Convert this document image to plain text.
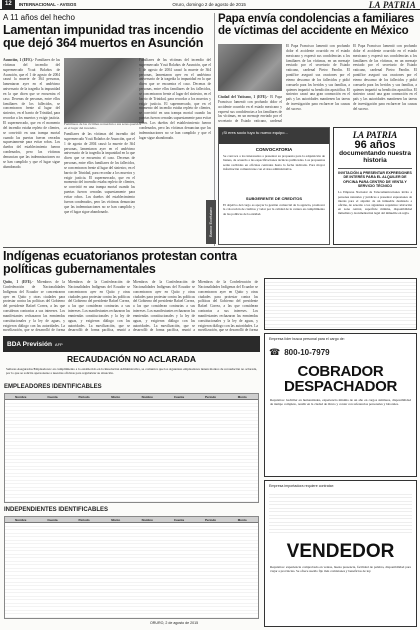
12	INTERNACIONAL - AVISOS	Oruro, domingo 2 de agosto de 2015	LA PATRIA
A 11 años del hecho
Lamentan impunidad tras incendio que dejó 364 muertos en Asunción
Asunción, 1 (EFE).- Familiares de las víctimas del incendio del supermercado Ycuá Bolaños de Asunción, que el 1 de agosto de 2004 causó la muerte de 364 personas, lamentaron ayer en el undécimo aniversario de la tragedia la impunidad en la que dicen que se encuentra el caso. Decenas de personas, entre ellos familiares de los fallecidos, se concentraron frente al lugar del siniestro, en el barrio de Trinidad, para recordar a los muertos y exigir justicia. El supermercado, que en el momento del incendio estaba repleto de clientes, se convirtió en una trampa mortal cuando las puertas fueron cerradas supuestamente para evitar robos. Los dueños del establecimiento fueron condenados, pero las víctimas denuncian que las indemnizaciones no se han cumplido y que el lugar sigue abandonado.
Familiares de las víctimas recuerdan a sus seres queridos en el lugar del incendio.
Familiares de las víctimas del incendio del supermercado Ycuá Bolaños de Asunción, que el 1 de agosto de 2004 causó la muerte de 364 personas, lamentaron ayer en el undécimo aniversario de la tragedia la impunidad en la que dicen que se encuentra el caso. Decenas de personas, entre ellos familiares de los fallecidos, se concentraron frente al lugar del siniestro, en el barrio de Trinidad, para recordar a los muertos y exigir justicia. El supermercado, que en el momento del incendio estaba repleto de clientes, se convirtió en una trampa mortal cuando las puertas fueron cerradas supuestamente para evitar robos. Los dueños del establecimiento fueron condenados, pero las víctimas denuncian que las indemnizaciones no se han cumplido y que el lugar sigue abandonado.
Familiares de las víctimas del incendio del supermercado Ycuá Bolaños de Asunción, que el 1 de agosto de 2004 causó la muerte de 364 personas, lamentaron ayer en el undécimo aniversario de la tragedia la impunidad en la que dicen que se encuentra el caso. Decenas de personas, entre ellos familiares de los fallecidos, se concentraron frente al lugar del siniestro, en el barrio de Trinidad, para recordar a los muertos y exigir justicia. El supermercado, que en el momento del incendio estaba repleto de clientes, se convirtió en una trampa mortal cuando las puertas fueron cerradas supuestamente para evitar robos. Los dueños del establecimiento fueron condenados, pero las víctimas denuncian que las indemnizaciones no se han cumplido y que el lugar sigue abandonado.
Papa envía condolencias a familiares de víctimas del accidente en México
Ciudad del Vaticano, 1 (EFE).- El Papa Francisco lamentó con profundo dolor el accidente ocurrido en el estado mexicano y expresó sus condolencias a los familiares de las víctimas, en un mensaje enviado por el secretario de Estado vaticano, cardenal
El Papa Francisco lamentó con profundo dolor el accidente ocurrido en el estado mexicano y expresó sus condolencias a los familiares de las víctimas, en un mensaje enviado por el secretario de Estado vaticano, cardenal Pietro Parolin. El pontífice aseguró sus oraciones por el eterno descanso de los fallecidos y pidió consuelo para los heridos y sus familias, a quienes impartió su bendición apostólica. El siniestro causó una gran conmoción en el país y las autoridades mantienen las tareas de investigación para esclarecer las causas del suceso.
El Papa Francisco lamentó con profundo dolor el accidente ocurrido en el estado mexicano y expresó sus condolencias a los familiares de las víctimas, en un mensaje enviado por el secretario de Estado vaticano, cardenal Pietro Parolin. El pontífice aseguró sus oraciones por el eterno descanso de los fallecidos y pidió consuelo para los heridos y sus familias, a quienes impartió su bendición apostólica. El siniestro causó una gran conmoción en el país y las autoridades mantienen las tareas de investigación para esclarecer las causas del suceso.
¡Si eres socio tuyo tu nuevo equipo...
CONVOCATORIA
Se convoca a los interesados a presentar su propuesta para la adquisición de bienes, de acuerdo a las especificaciones técnicas publicadas. Las propuestas serán recibidas en oficinas centrales hasta la fecha indicada. Para mayor información comunicarse con el área administrativa.
SUBGERENTE DE CREDITOS
El objetivo del cargo es apoyar la gestión comercial de la agencia, promover la colocación de créditos y velar por la calidad de la cartera en cumplimiento de las políticas de la entidad.
Banco Ecofuturo
LA PATRIA
96 años
documentando nuestra historia
INVITACIÓN A PRESENTAR EXPRESIONES DE INTERÉS PARA EL ALQUILER DE OFICINA PARA CENTRO DE VENTA Y SERVICIO TÉCNICO
La Empresa Nacional de Telecomunicaciones invita a personas naturales y jurídicas a presentar expresiones de interés para el alquiler de un inmueble destinado a oficina, de acuerdo a los siguientes requisitos: ubicación en zona central, superficie mínima, disponibilidad inmediata y documentación legal del inmueble en regla.
Indígenas ecuatorianos protestan contra políticas gubernamentales
Quito, 1 (EFE).- Miembros de la Confederación de Nacionalidades Indígenas del Ecuador se concentraron ayer en Quito y otras ciudades para protestar contra las políticas del Gobierno del presidente Rafael Correa, a las que consideran contrarias a sus intereses. Los manifestantes rechazaron las enmiendas constitucionales y la ley de aguas, y exigieron diálogo con las autoridades. La movilización, que se desarrolló de forma
Miembros de la Confederación de Nacionalidades Indígenas del Ecuador se concentraron ayer en Quito y otras ciudades para protestar contra las políticas del Gobierno del presidente Rafael Correa, a las que consideran contrarias a sus intereses. Los manifestantes rechazaron las enmiendas constitucionales y la ley de aguas, y exigieron diálogo con las autoridades. La movilización, que se desarrolló de forma pacífica, reunió a
Miembros de la Confederación de Nacionalidades Indígenas del Ecuador se concentraron ayer en Quito y otras ciudades para protestar contra las políticas del Gobierno del presidente Rafael Correa, a las que consideran contrarias a sus intereses. Los manifestantes rechazaron las enmiendas constitucionales y la ley de aguas, y exigieron diálogo con las autoridades. La movilización, que se desarrolló de forma pacífica, reunió a
Miembros de la Confederación de Nacionalidades Indígenas del Ecuador se concentraron ayer en Quito y otras ciudades para protestar contra las políticas del Gobierno del presidente Rafael Correa, a las que consideran contrarias a sus intereses. Los manifestantes rechazaron las enmiendas constitucionales y la ley de aguas, y exigieron diálogo con las autoridades. La movilización, que se desarrolló de forma
BDA Previsión AFP
RECAUDACIÓN NO ACLARADA
Señores Asegurados/Empleadores: en cumplimiento a lo establecido en la Resolución Administrativa, se comunica que los siguientes empleadores tienen montos de recaudación no aclarada, por lo que se solicita apersonarse a nuestras oficinas para regularizar su situación.
EMPLEADORES IDENTIFICABLES
Nombre	Cuenta	Periodo	Monto	Nombre	Cuenta	Periodo	Monto
INDEPENDIENTES IDENTIFICABLES
Nombre	Cuenta	Periodo	Monto	Nombre	Cuenta	Periodo	Monto
ORURO, 2 de agosto de 2015
Empresa líder busca personal para el cargo de:
☎ 800-10-7979
COBRADOR DESPACHADOR
Requisitos: bachiller en humanidades, experiencia mínima de un año en cargos similares, disponibilidad de tiempo completo, residir en la ciudad de Oruro y contar con referencias personales y laborales.
Empresa importadora requiere contratar:
VENDEDOR
Requisitos: experiencia comprobada en ventas, buena presencia, facilidad de palabra, disponibilidad para viajar a provincias. Se ofrece sueldo fijo más comisiones y beneficios de ley.
